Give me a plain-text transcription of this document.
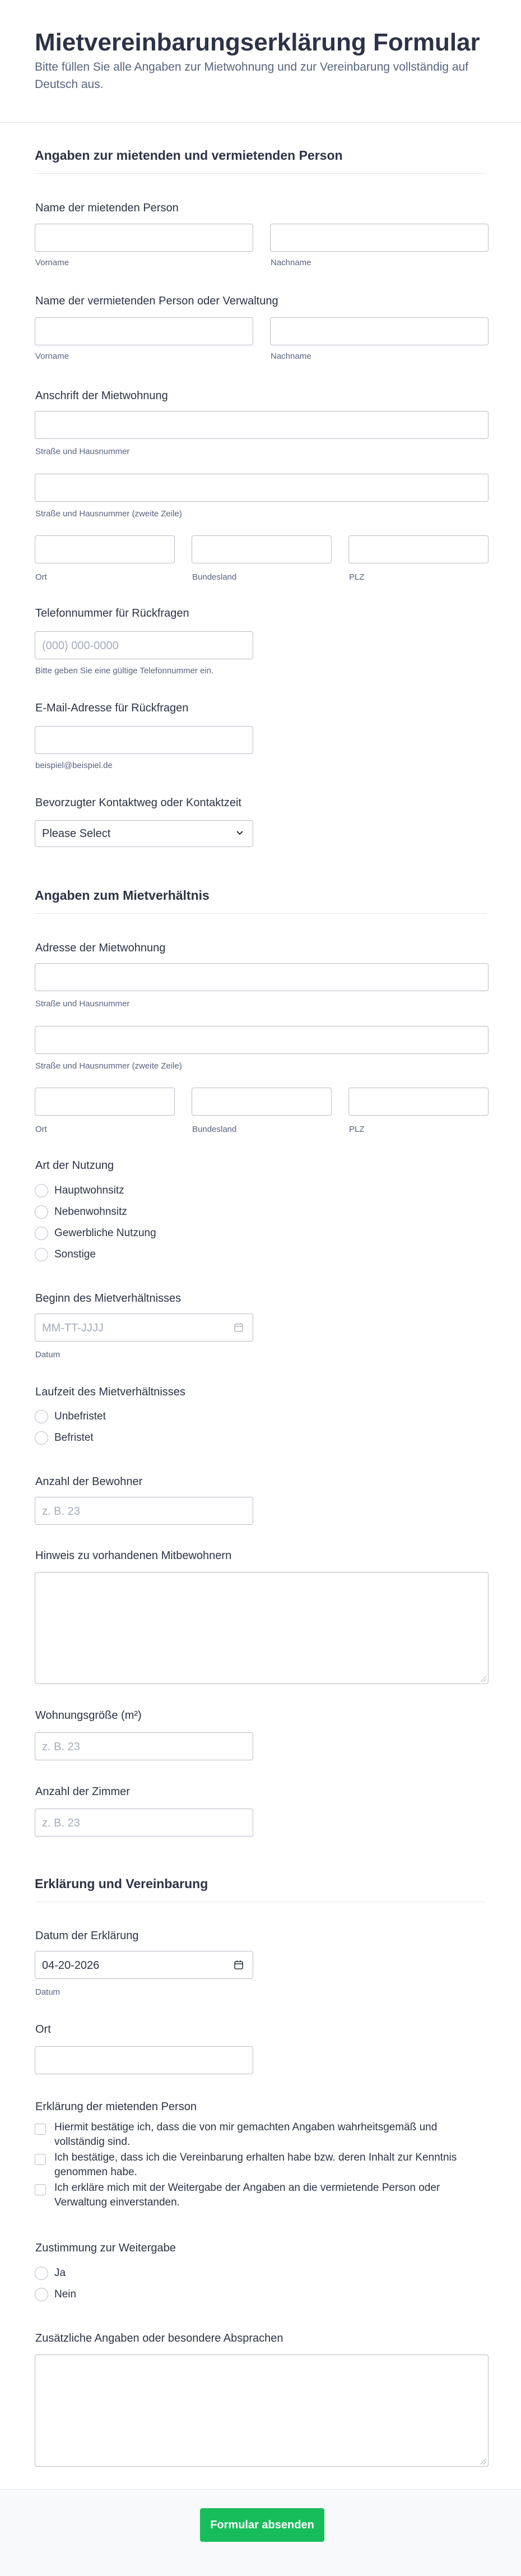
Mietvereinbarungserklärung Formular
Bitte füllen Sie alle Angaben zur Mietwohnung und zur Vereinbarung vollständig auf Deutsch aus.
Angaben zur mietenden und vermietenden Person
Name der mietenden Person
Vorname	Nachname
Name der vermietenden Person oder Verwaltung
Vorname	Nachname
Anschrift der Mietwohnung
Straße und Hausnummer
Straße und Hausnummer (zweite Zeile)
Ort	Bundesland	PLZ
Telefonnummer für Rückfragen
(000) 000-0000
Bitte geben Sie eine gültige Telefonnummer ein.
E-Mail-Adresse für Rückfragen
beispiel@beispiel.de
Bevorzugter Kontaktweg oder Kontaktzeit
Please Select
Angaben zum Mietverhältnis
Adresse der Mietwohnung
Straße und Hausnummer
Straße und Hausnummer (zweite Zeile)
Ort	Bundesland	PLZ
Art der Nutzung
Hauptwohnsitz
Nebenwohnsitz
Gewerbliche Nutzung
Sonstige
Beginn des Mietverhältnisses
MM-TT-JJJJ
Datum
Laufzeit des Mietverhältnisses
Unbefristet
Befristet
Anzahl der Bewohner
z. B. 23
Hinweis zu vorhandenen Mitbewohnern
Wohnungsgröße (m²)
z. B. 23
Anzahl der Zimmer
z. B. 23
Erklärung und Vereinbarung
Datum der Erklärung
04-20-2026
Datum
Ort
Erklärung der mietenden Person
Hiermit bestätige ich, dass die von mir gemachten Angaben wahrheitsgemäß und vollständig sind.
Ich bestätige, dass ich die Vereinbarung erhalten habe bzw. deren Inhalt zur Kenntnis genommen habe.
Ich erkläre mich mit der Weitergabe der Angaben an die vermietende Person oder Verwaltung einverstanden.
Zustimmung zur Weitergabe
Ja
Nein
Zusätzliche Angaben oder besondere Absprachen
Formular absenden
